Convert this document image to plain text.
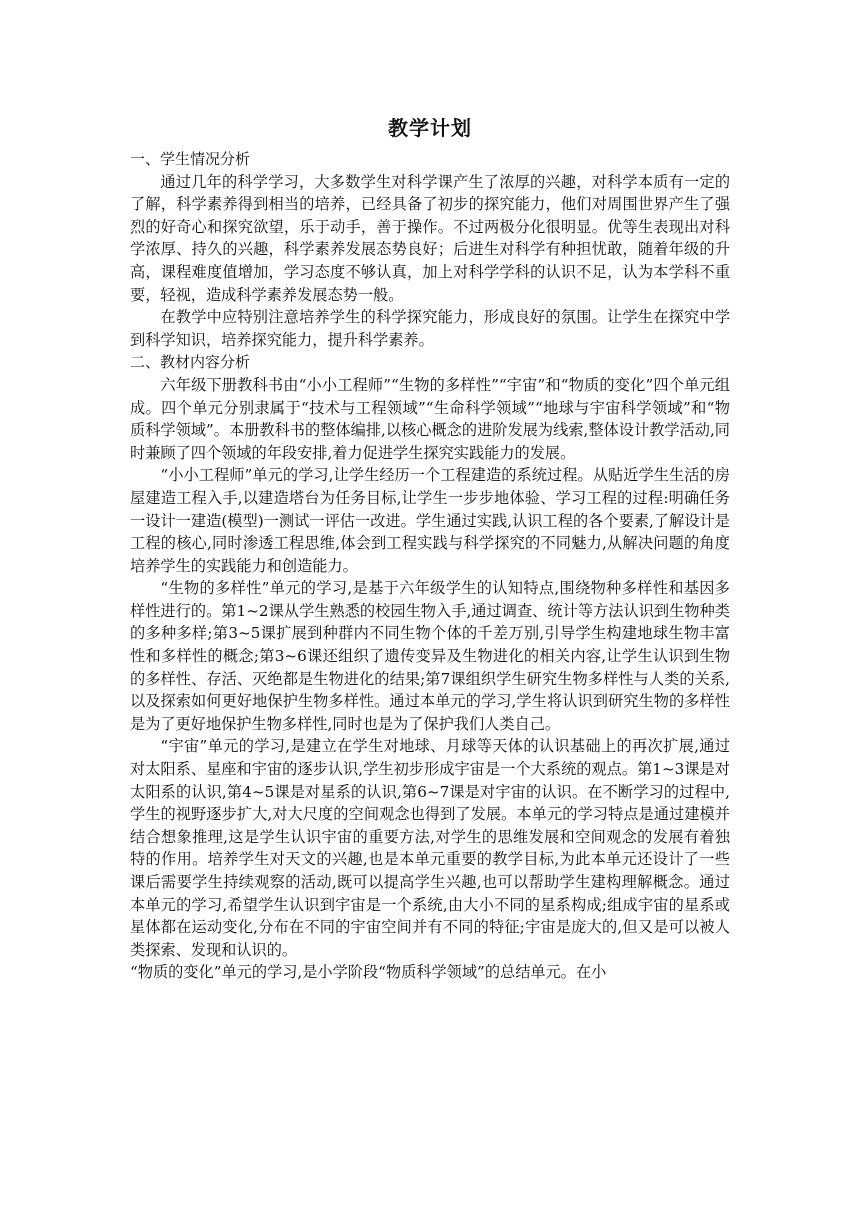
教学计划

一、学生情况分析

通过几年的科学学习，大多数学生对科学课产生了浓厚的兴趣，对科学本质有一定的了解，科学素养得到相当的培养，已经具备了初步的探究能力，他们对周围世界产生了强烈的好奇心和探究欲望，乐于动手，善于操作。不过两极分化很明显。优等生表现出对科学浓厚、持久的兴趣，科学素养发展态势良好；后进生对科学有种担忧敢，随着年级的升高，课程难度值增加，学习态度不够认真，加上对科学学科的认识不足，认为本学科不重要，轻视，造成科学素养发展态势一般。

在教学中应特别注意培养学生的科学探究能力，形成良好的氛围。让学生在探究中学到科学知识，培养探究能力，提升科学素养。

二、教材内容分析

六年级下册教科书由“小小工程师”“生物的多样性”“宇宙”和“物质的变化”四个单元组成。四个单元分别隶属于“技术与工程领域”“生命科学领域”“地球与宇宙科学领域”和“物质科学领域”。本册教科书的整体编排,以核心概念的进阶发展为线索,整体设计教学活动,同时兼顾了四个领域的年段安排,着力促进学生探究实践能力的发展。

“小小工程师”单元的学习,让学生经历一个工程建造的系统过程。从贴近学生生活的房屋建造工程入手,以建造塔台为任务目标,让学生一步步地体验、学习工程的过程:明确任务一设计一建造(模型)一测试一评估一改进。学生通过实践,认识工程的各个要素,了解设计是工程的核心,同时渗透工程思维,体会到工程实践与科学探究的不同魅力,从解决问题的角度培养学生的实践能力和创造能力。

“生物的多样性”单元的学习,是基于六年级学生的认知特点,围绕物种多样性和基因多样性进行的。第1~2课从学生熟悉的校园生物入手,通过调查、统计等方法认识到生物种类的多种多样;第3~5课扩展到种群内不同生物个体的千差万别,引导学生构建地球生物丰富性和多样性的概念;第3~6课还组织了遗传变异及生物进化的相关内容,让学生认识到生物的多样性、存活、灭绝都是生物进化的结果;第7课组织学生研究生物多样性与人类的关系,以及探索如何更好地保护生物多样性。通过本单元的学习,学生将认识到研究生物的多样性是为了更好地保护生物多样性,同时也是为了保护我们人类自己。

“宇宙”单元的学习,是建立在学生对地球、月球等天体的认识基础上的再次扩展,通过对太阳系、星座和宇宙的逐步认识,学生初步形成宇宙是一个大系统的观点。第1~3课是对太阳系的认识,第4~5课是对星系的认识,第6~7课是对宇宙的认识。在不断学习的过程中,学生的视野逐步扩大,对大尺度的空间观念也得到了发展。本单元的学习特点是通过建模并结合想象推理,这是学生认识宇宙的重要方法,对学生的思维发展和空间观念的发展有着独特的作用。培养学生对天文的兴趣,也是本单元重要的教学目标,为此本单元还设计了一些课后需要学生持续观察的活动,既可以提高学生兴趣,也可以帮助学生建构理解概念。通过本单元的学习,希望学生认识到宇宙是一个系统,由大小不同的星系构成;组成宇宙的星系或星体都在运动变化,分布在不同的宇宙空间并有不同的特征;宇宙是庞大的,但又是可以被人类探索、发现和认识的。

“物质的变化”单元的学习,是小学阶段“物质科学领域”的总结单元。在小
